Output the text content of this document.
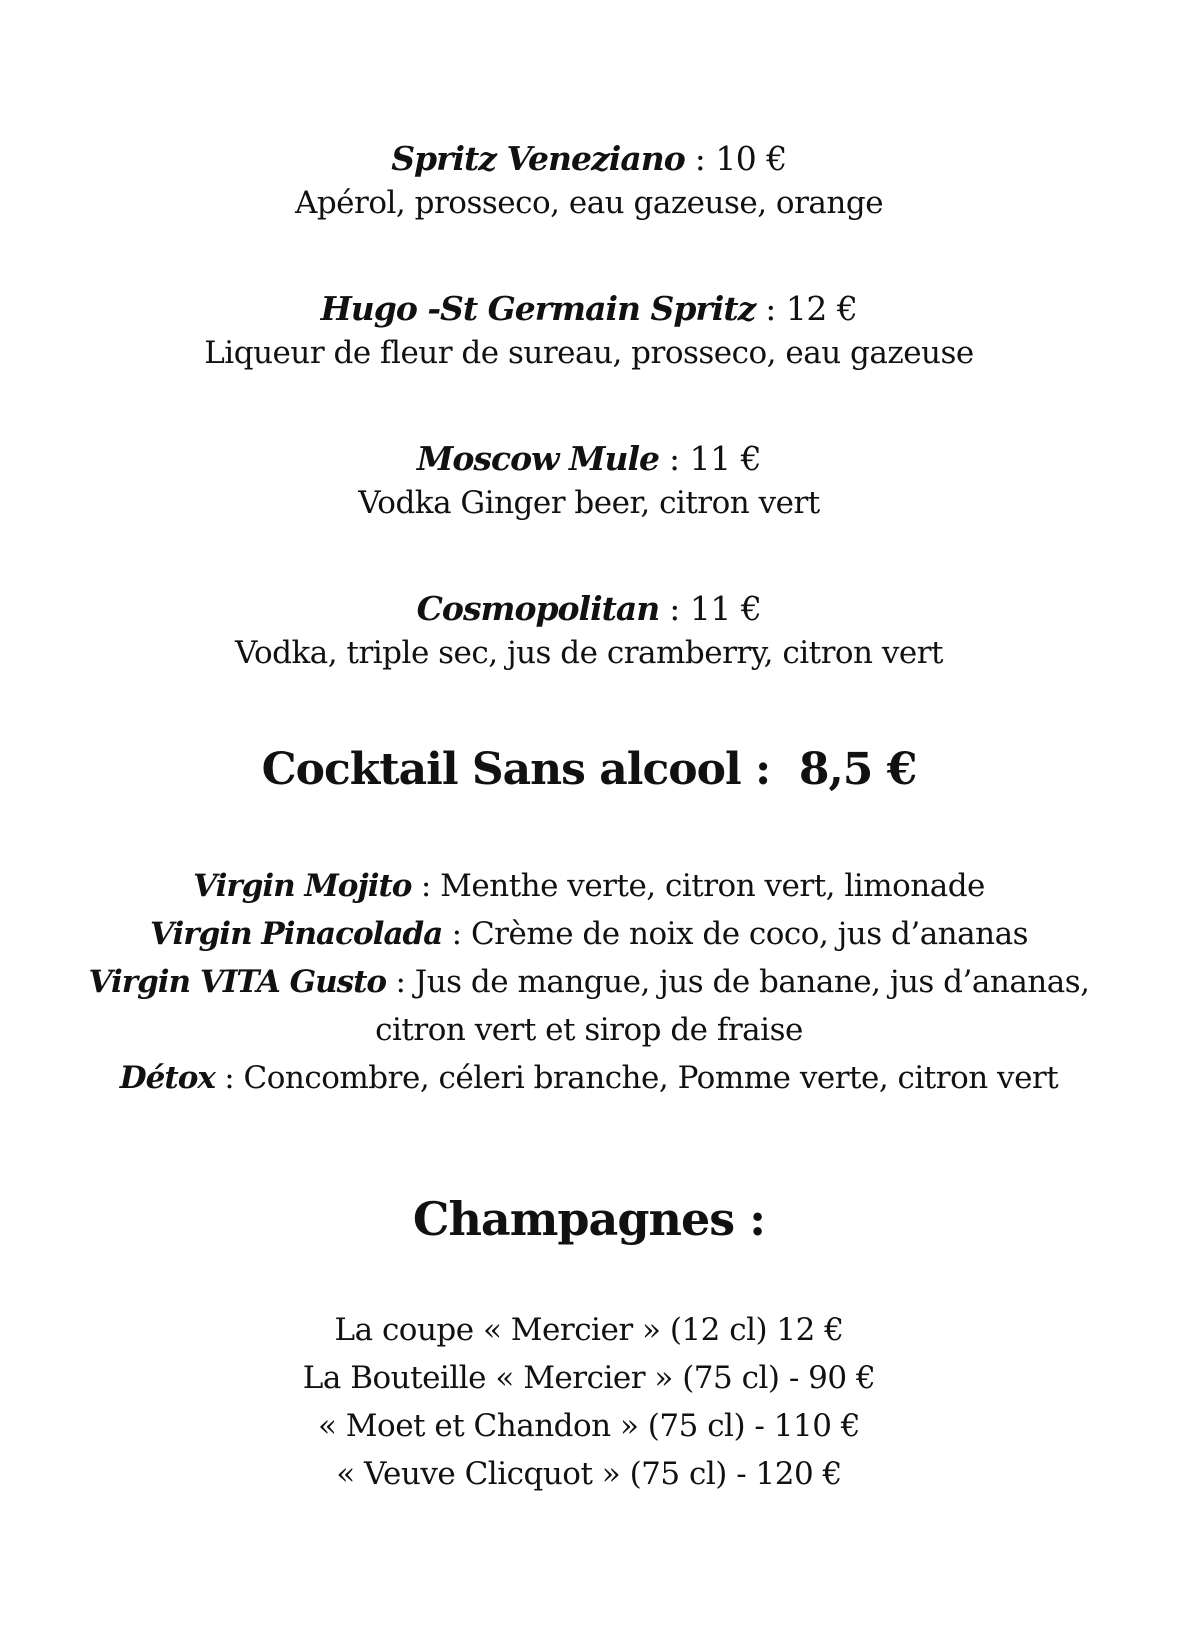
Spritz Veneziano : 10 €
Apérol, prosseco, eau gazeuse, orange
Hugo -St Germain Spritz : 12 €
Liqueur de fleur de sureau, prosseco, eau gazeuse
Moscow Mule : 11 €
Vodka Ginger beer, citron vert
Cosmopolitan : 11 €
Vodka, triple sec, jus de cramberry, citron vert
Cocktail Sans alcool :  8,5 €
Virgin Mojito : Menthe verte, citron vert, limonade
Virgin Pinacolada : Crème de noix de coco, jus d’ananas
Virgin VITA Gusto : Jus de mangue, jus de banane, jus d’ananas, citron vert et sirop de fraise
Détox : Concombre, céleri branche, Pomme verte, citron vert
Champagnes :
La coupe « Mercier » (12 cl) 12 €
La Bouteille « Mercier » (75 cl) - 90 €
« Moet et Chandon » (75 cl) - 110 €
« Veuve Clicquot » (75 cl) - 120 €
